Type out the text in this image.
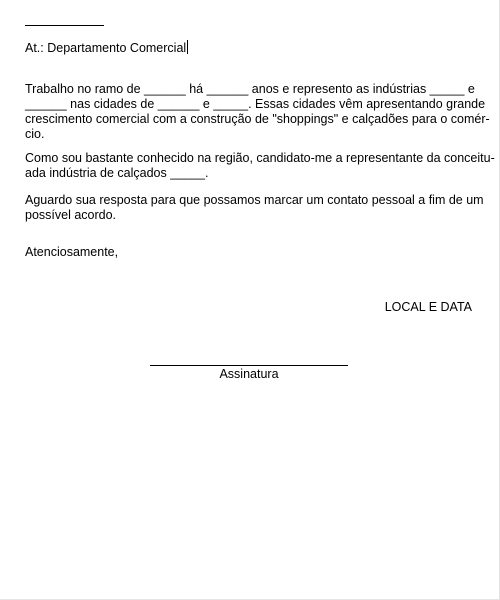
At.: Departamento Comercial
Trabalho no ramo de ______ há ______ anos e represento as indústrias _____ e
______ nas cidades de ______ e _____. Essas cidades vêm apresentando grande
crescimento comercial com a construção de "shoppings" e calçadões para o comér-
cio.
Como sou bastante conhecido na região, candidato-me a representante da conceitu-
ada indústria de calçados _____.
Aguardo sua resposta para que possamos marcar um contato pessoal a fim de um
possível acordo.
Atenciosamente,
LOCAL E DATA
Assinatura
